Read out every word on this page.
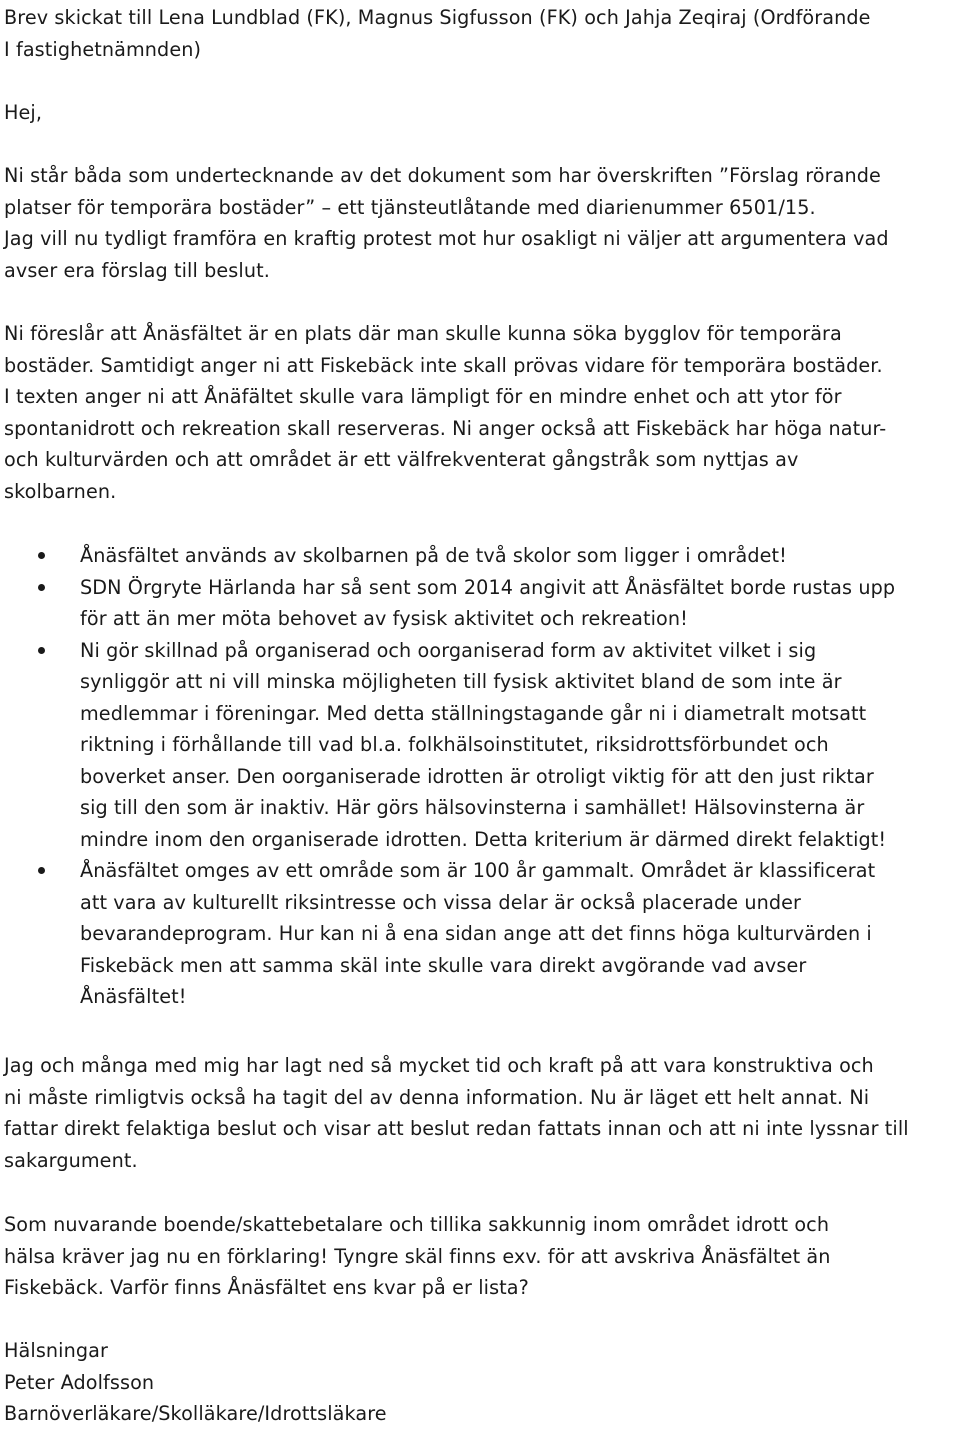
Brev skickat till Lena Lundblad (FK), Magnus Sigfusson (FK) och Jahja Zeqiraj (Ordförande
I fastighetnämnden)
Hej,
Ni står båda som undertecknande av det dokument som har överskriften ”Förslag rörande
platser för temporära bostäder” – ett tjänsteutlåtande med diarienummer 6501/15.
Jag vill nu tydligt framföra en kraftig protest mot hur osakligt ni väljer att argumentera vad
avser era förslag till beslut.
Ni föreslår att Ånäsfältet är en plats där man skulle kunna söka bygglov för temporära
bostäder. Samtidigt anger ni att Fiskebäck inte skall prövas vidare för temporära bostäder.
I texten anger ni att Ånäfältet skulle vara lämpligt för en mindre enhet och att ytor för
spontanidrott och rekreation skall reserveras. Ni anger också att Fiskebäck har höga natur-
och kulturvärden och att området är ett välfrekventerat gångstråk som nyttjas av
skolbarnen.
Ånäsfältet används av skolbarnen på de två skolor som ligger i området!
SDN Örgryte Härlanda har så sent som 2014 angivit att Ånäsfältet borde rustas upp
för att än mer möta behovet av fysisk aktivitet och rekreation!
Ni gör skillnad på organiserad och oorganiserad form av aktivitet vilket i sig
synliggör att ni vill minska möjligheten till fysisk aktivitet bland de som inte är
medlemmar i föreningar. Med detta ställningstagande går ni i diametralt motsatt
riktning i förhållande till vad bl.a. folkhälsoinstitutet, riksidrottsförbundet och
boverket anser. Den oorganiserade idrotten är otroligt viktig för att den just riktar
sig till den som är inaktiv. Här görs hälsovinsterna i samhället! Hälsovinsterna är
mindre inom den organiserade idrotten. Detta kriterium är därmed direkt felaktigt!
Ånäsfältet omges av ett område som är 100 år gammalt. Området är klassificerat
att vara av kulturellt riksintresse och vissa delar är också placerade under
bevarandeprogram. Hur kan ni å ena sidan ange att det finns höga kulturvärden i
Fiskebäck men att samma skäl inte skulle vara direkt avgörande vad avser
Ånäsfältet!
Jag och många med mig har lagt ned så mycket tid och kraft på att vara konstruktiva och
ni måste rimligtvis också ha tagit del av denna information. Nu är läget ett helt annat. Ni
fattar direkt felaktiga beslut och visar att beslut redan fattats innan och att ni inte lyssnar till
sakargument.
Som nuvarande boende/skattebetalare och tillika sakkunnig inom området idrott och
hälsa kräver jag nu en förklaring! Tyngre skäl finns exv. för att avskriva Ånäsfältet än
Fiskebäck. Varför finns Ånäsfältet ens kvar på er lista?
Hälsningar
Peter Adolfsson
Barnöverläkare/Skolläkare/Idrottsläkare
